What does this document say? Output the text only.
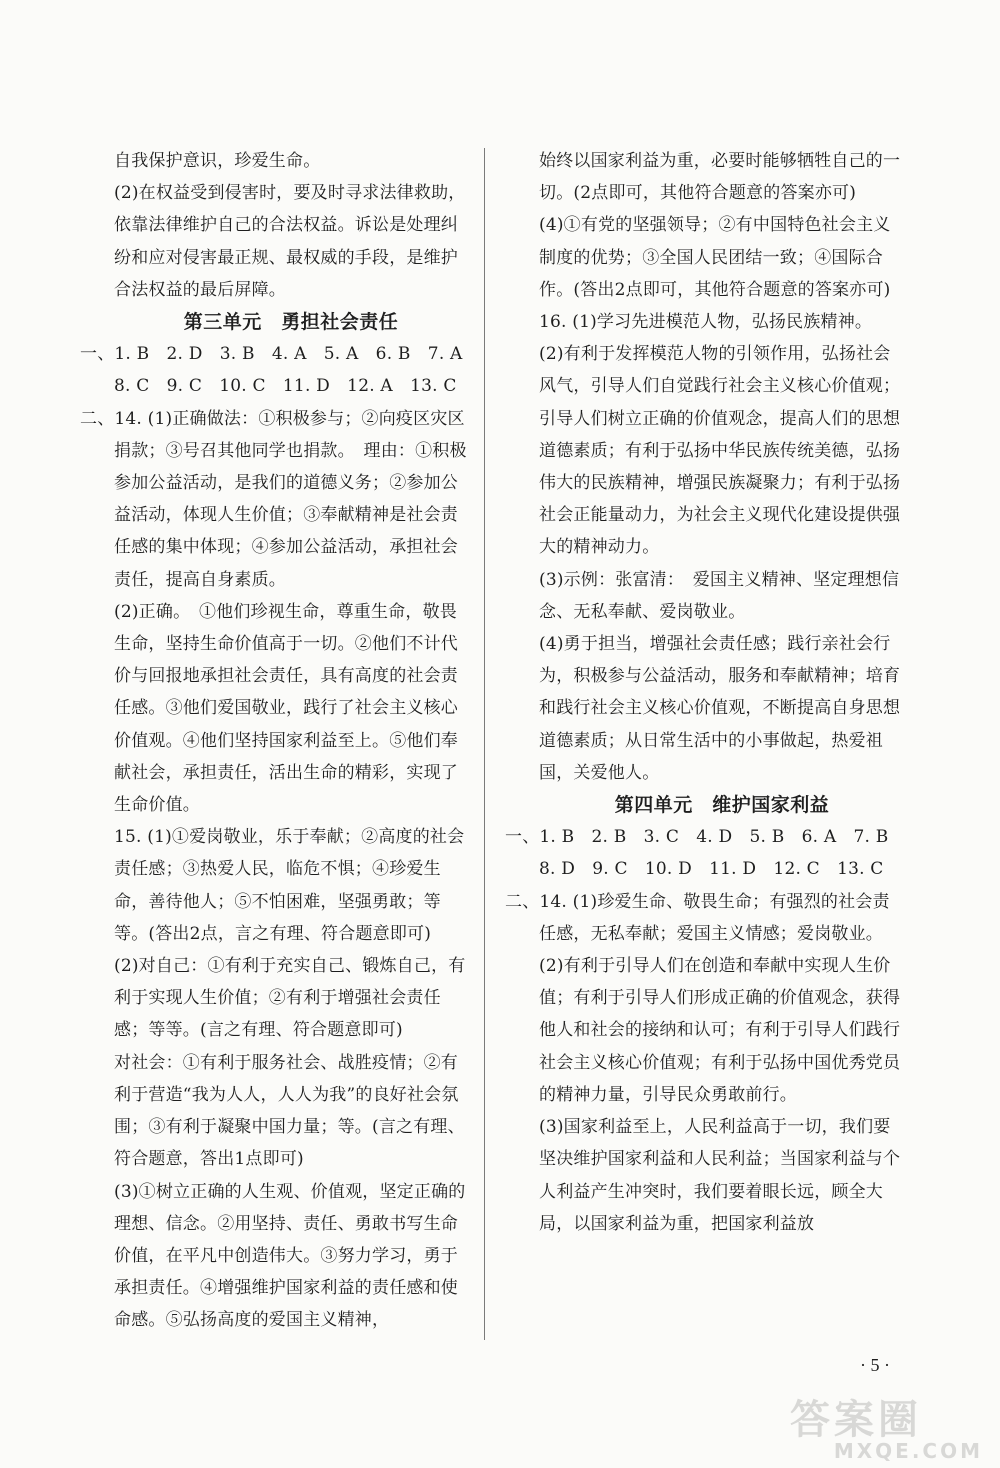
自我保护意识，珍爱生命。

(2)在权益受到侵害时，要及时寻求法律救助，依靠法律维护自己的合法权益。诉讼是处理纠纷和应对侵害最正规、最权威的手段，是维护合法权益的最后屏障。

第三单元　勇担社会责任

一、1. B　2. D　3. B　4. A　5. A　6. B　7. A　8. C　9. C　10. C　11. D　12. A　13. C

二、14. (1)正确做法：①积极参与；②向疫区灾区捐款；③号召其他同学也捐款。　理由：①积极参加公益活动，是我们的道德义务；②参加公益活动，体现人生价值；③奉献精神是社会责任感的集中体现；④参加公益活动，承担社会责任，提高自身素质。

(2)正确。　①他们珍视生命，尊重生命，敬畏生命，坚持生命价值高于一切。②他们不计代价与回报地承担社会责任，具有高度的社会责任感。③他们爱国敬业，践行了社会主义核心价值观。④他们坚持国家利益至上。⑤他们奉献社会，承担责任，活出生命的精彩，实现了生命价值。

15. (1)①爱岗敬业，乐于奉献；②高度的社会责任感；③热爱人民，临危不惧；④珍爱生命，善待他人；⑤不怕困难，坚强勇敢；等等。(答出2点，言之有理、符合题意即可)

(2)对自己：①有利于充实自己、锻炼自己，有利于实现人生价值；②有利于增强社会责任感；等等。(言之有理、符合题意即可)

对社会：①有利于服务社会、战胜疫情；②有利于营造“我为人人，人人为我”的良好社会氛围；③有利于凝聚中国力量；等。(言之有理、符合题意，答出1点即可)

(3)①树立正确的人生观、价值观，坚定正确的理想、信念。②用坚持、责任、勇敢书写生命价值，在平凡中创造伟大。③努力学习，勇于承担责任。④增强维护国家利益的责任感和使命感。⑤弘扬高度的爱国主义精神，

始终以国家利益为重，必要时能够牺牲自己的一切。(2点即可，其他符合题意的答案亦可)

(4)①有党的坚强领导；②有中国特色社会主义制度的优势；③全国人民团结一致；④国际合作。(答出2点即可，其他符合题意的答案亦可)

16. (1)学习先进模范人物，弘扬民族精神。

(2)有利于发挥模范人物的引领作用，弘扬社会风气，引导人们自觉践行社会主义核心价值观；引导人们树立正确的价值观念，提高人们的思想道德素质；有利于弘扬中华民族传统美德，弘扬伟大的民族精神，增强民族凝聚力；有利于弘扬社会正能量动力，为社会主义现代化建设提供强大的精神动力。

(3)示例：张富清：　爱国主义精神、坚定理想信念、无私奉献、爱岗敬业。

(4)勇于担当，增强社会责任感；践行亲社会行为，积极参与公益活动，服务和奉献精神；培育和践行社会主义核心价值观，不断提高自身思想道德素质；从日常生活中的小事做起，热爱祖国，关爱他人。

第四单元　维护国家利益

一、1. B　2. B　3. C　4. D　5. B　6. A　7. B　8. D　9. C　10. D　11. D　12. C　13. C

二、14. (1)珍爱生命、敬畏生命；有强烈的社会责任感，无私奉献；爱国主义情感；爱岗敬业。

(2)有利于引导人们在创造和奉献中实现人生价值；有利于引导人们形成正确的价值观念，获得他人和社会的接纳和认可；有利于引导人们践行社会主义核心价值观；有利于弘扬中国优秀党员的精神力量，引导民众勇敢前行。

(3)国家利益至上，人民利益高于一切，我们要坚决维护国家利益和人民利益；当国家利益与个人利益产生冲突时，我们要着眼长远，顾全大局，以国家利益为重，把国家利益放

· 5 ·
答案圈
MXQE.COM
